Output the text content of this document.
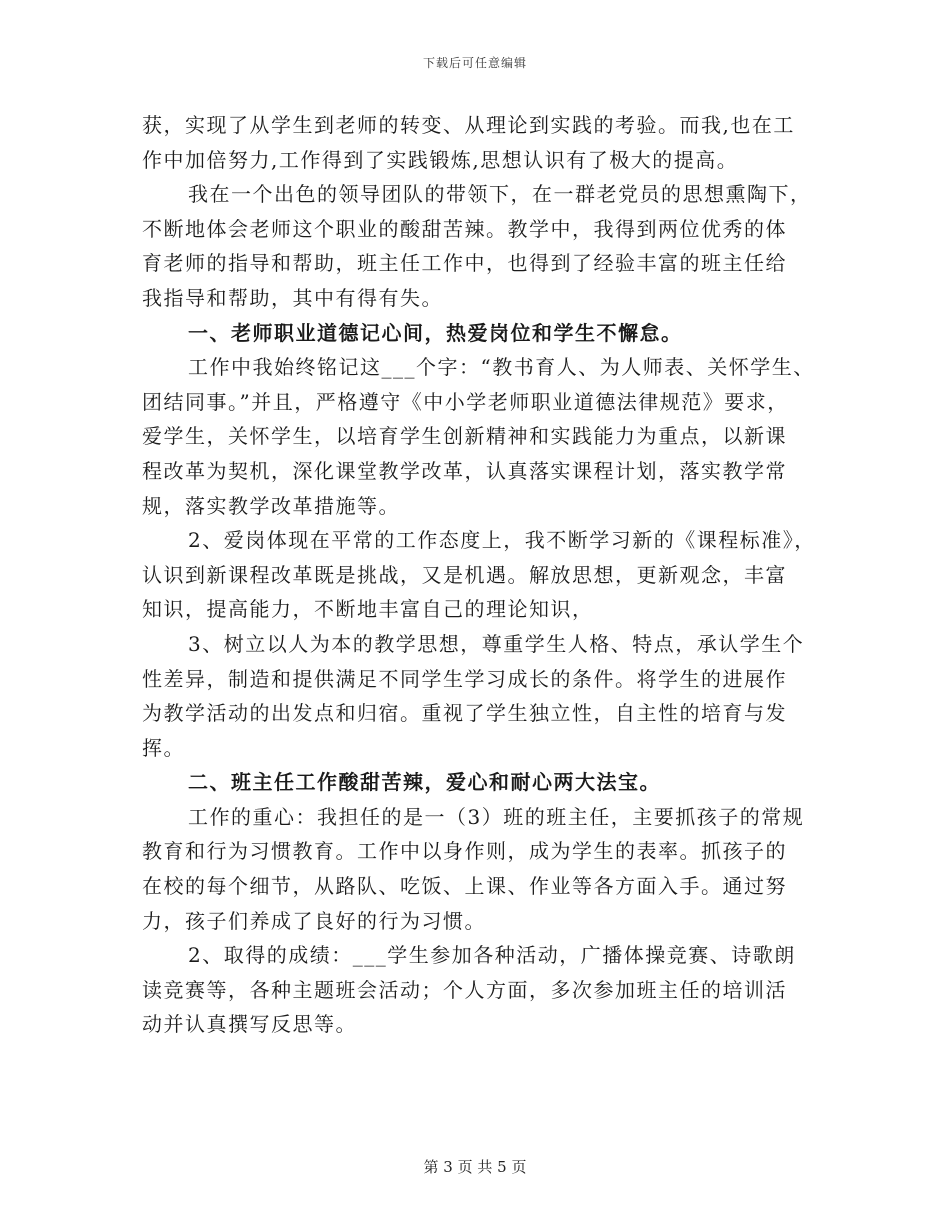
下载后可任意编辑

获，实现了从学生到老师的转变、从理论到实践的考验。而我,也在工
作中加倍努力,工作得到了实践锻炼,思想认识有了极大的提高。

我在一个出色的领导团队的带领下，在一群老党员的思想熏陶下，
不断地体会老师这个职业的酸甜苦辣。教学中，我得到两位优秀的体
育老师的指导和帮助，班主任工作中，也得到了经验丰富的班主任给
我指导和帮助，其中有得有失。

一、老师职业道德记心间，热爱岗位和学生不懈怠。

工作中我始终铭记这___个字：“教书育人、为人师表、关怀学生、
团结同事。”并且，严格遵守《中小学老师职业道德法律规范》要求，
爱学生，关怀学生，以培育学生创新精神和实践能力为重点，以新课
程改革为契机，深化课堂教学改革，认真落实课程计划，落实教学常
规，落实教学改革措施等。

2、爱岗体现在平常的工作态度上，我不断学习新的《课程标准》，
认识到新课程改革既是挑战，又是机遇。解放思想，更新观念，丰富
知识，提高能力，不断地丰富自己的理论知识，

3、树立以人为本的教学思想，尊重学生人格、特点，承认学生个
性差异，制造和提供满足不同学生学习成长的条件。将学生的进展作
为教学活动的出发点和归宿。重视了学生独立性，自主性的培育与发
挥。

二、班主任工作酸甜苦辣，爱心和耐心两大法宝。

工作的重心：我担任的是一（3）班的班主任，主要抓孩子的常规
教育和行为习惯教育。工作中以身作则，成为学生的表率。抓孩子的
在校的每个细节，从路队、吃饭、上课、作业等各方面入手。通过努
力，孩子们养成了良好的行为习惯。

2、取得的成绩：___学生参加各种活动，广播体操竞赛、诗歌朗
读竞赛等，各种主题班会活动；个人方面，多次参加班主任的培训活
动并认真撰写反思等。

第 3 页 共 5 页
